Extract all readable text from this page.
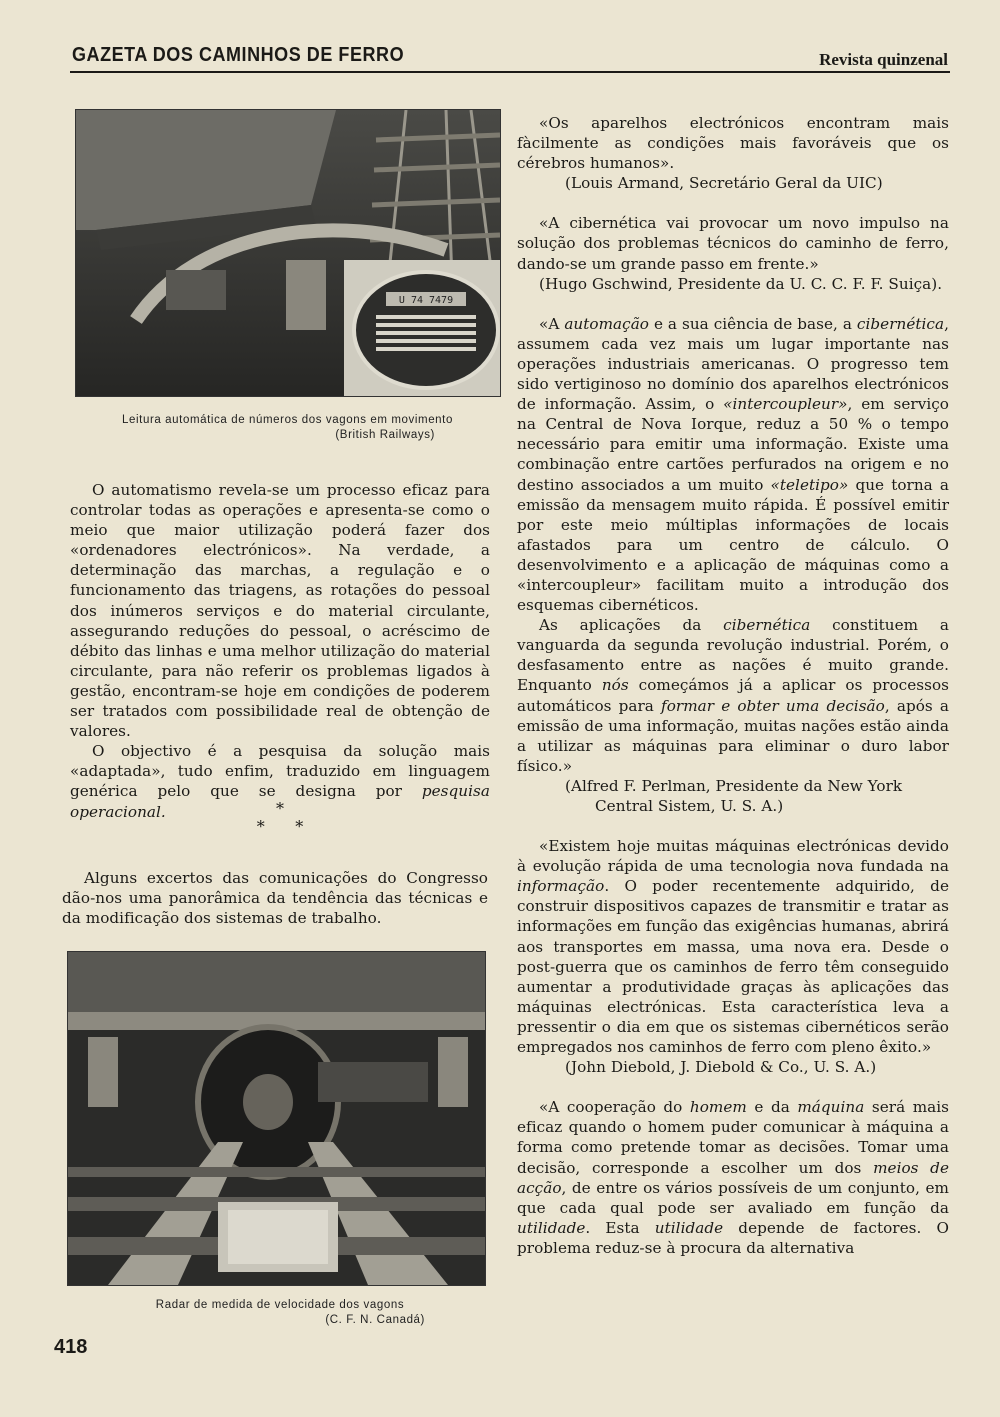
GAZETA DOS CAMINHOS DE FERRO	Revista quinzenal
U 74 7479
Leitura automática de números dos vagons em movimento
(British Railways)

O automatismo revela-se um processo eficaz para controlar todas as operações e apresenta-se como o meio que maior utilização poderá fazer dos «ordenadores electrónicos». Na verdade, a determinação das marchas, a regulação e o funcionamento das triagens, as rotações do pessoal dos inúmeros serviços e do material circulante, assegurando reduções do pessoal, o acréscimo de débito das linhas e uma melhor utilização do material circulante, para não referir os problemas ligados à gestão, encontram-se hoje em condições de poderem ser tratados com possibilidade real de obtenção de valores.

O objectivo é a pesquisa da solução mais «adaptada», tudo enfim, traduzido em linguagem genérica pelo que se designa por pesquisa operacional.	*
*      *

Alguns excertos das comunicações do Congresso dão-nos uma panorâmica da tendência das técnicas e da modificação dos sistemas de trabalho.

Radar de medida de velocidade dos vagons
(C. F. N. Canadá)

«Os aparelhos electrónicos encontram mais fàcilmente as condições mais favoráveis que os cérebros humanos».

(Louis Armand, Secretário Geral da UIC)

«A cibernética vai provocar um novo impulso na solução dos problemas técnicos do caminho de ferro, dando-se um grande passo em frente.»

(Hugo Gschwind, Presidente da U. C. C. F. F. Suiça).

«A automação e a sua ciência de base, a cibernética, assumem cada vez mais um lugar importante nas operações industriais americanas. O progresso tem sido vertiginoso no domínio dos aparelhos electrónicos de informação. Assim, o «intercoupleur», em serviço na Central de Nova Iorque, reduz a 50 % o tempo necessário para emitir uma informação. Existe uma combinação entre cartões perfurados na origem e no destino associados a um muito «teletipo» que torna a emissão da mensagem muito rápida. É possível emitir por este meio múltiplas informações de locais afastados para um centro de cálculo. O desenvolvimento e a aplicação de máquinas como a «intercoupleur» facilitam muito a introdução dos esquemas cibernéticos.

As aplicações da cibernética constituem a vanguarda da segunda revolução industrial. Porém, o desfasamento entre as nações é muito grande. Enquanto nós começámos já a aplicar os processos automáticos para formar e obter uma decisão, após a emissão de uma informação, muitas nações estão ainda a utilizar as máquinas para eliminar o duro labor físico.»

(Alfred F. Perlman, Presidente da New York

Central Sistem, U. S. A.)

«Existem hoje muitas máquinas electrónicas devido à evolução rápida de uma tecnologia nova fundada na informação. O poder recentemente adquirido, de construir dispositivos capazes de transmitir e tratar as informações em função das exigências humanas, abrirá aos transportes em massa, uma nova era. Desde o post-guerra que os caminhos de ferro têm conseguido aumentar a produtividade graças às aplicações das máquinas electrónicas. Esta característica leva a pressentir o dia em que os sistemas cibernéticos serão empregados nos caminhos de ferro com pleno êxito.»

(John Diebold, J. Diebold & Co., U. S. A.)

«A cooperação do homem e da máquina será mais eficaz quando o homem puder comunicar à máquina a forma como pretende tomar as decisões. Tomar uma decisão, corresponde a escolher um dos meios de acção, de entre os vários possíveis de um conjunto, em que cada qual pode ser avaliado em função da utilidade. Esta utilidade depende de factores. O problema reduz-se à procura da alternativa

418
